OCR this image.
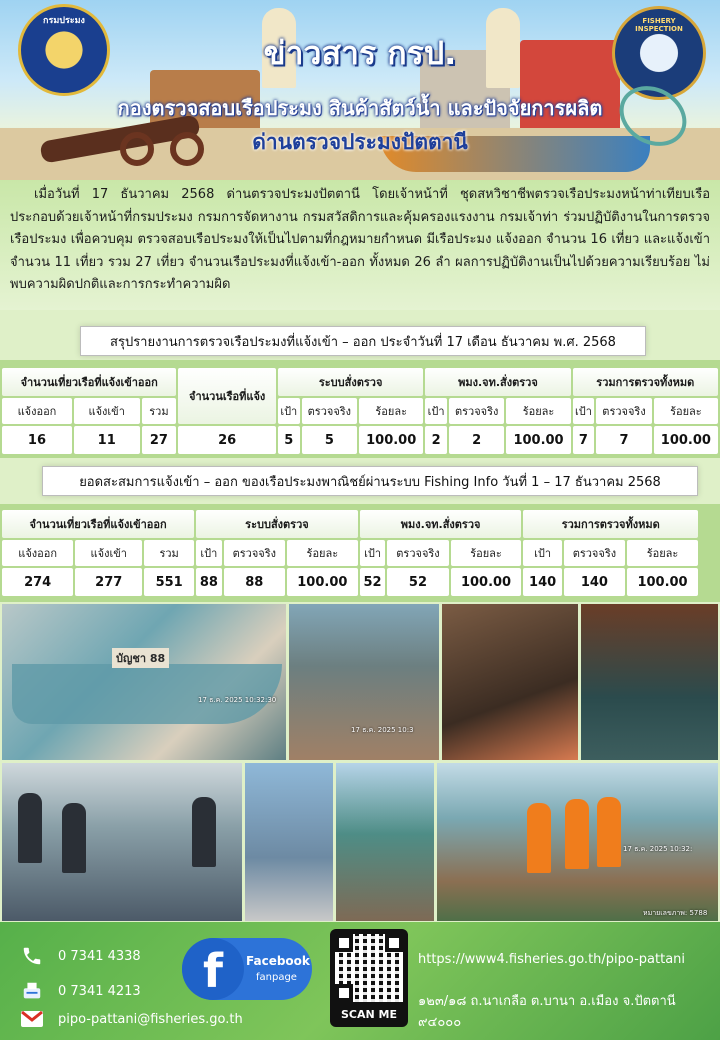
กรมประมง	FISHERY INSPECTION
ข่าวสาร กรป.
กองตรวจสอบเรือประมง สินค้าสัตว์น้ำ และปัจจัยการผลิต
ด่านตรวจประมงปัตตานี

เมื่อวันที่ 17 ธันวาคม 2568 ด่านตรวจประมงปัตตานี โดยเจ้าหน้าที่ ชุดสหวิชาชีพตรวจเรือประมงหน้าท่าเทียบเรือ ประกอบด้วยเจ้าหน้าที่กรมประมง กรมการจัดหางาน กรมสวัสดิการและคุ้มครองแรงงาน กรมเจ้าท่า ร่วมปฏิบัติงานในการตรวจเรือประมง เพื่อควบคุม ตรวจสอบเรือประมงให้เป็นไปตามที่กฎหมายกำหนด มีเรือประมง แจ้งออก จำนวน 16 เที่ยว และแจ้งเข้าจำนวน 11 เที่ยว รวม 27 เที่ยว จำนวนเรือประมงที่แจ้งเข้า-ออก ทั้งหมด 26 ลำ ผลการปฏิบัติงานเป็นไปด้วยความเรียบร้อย ไม่พบความผิดปกติและการกระทำความผิด

สรุปรายงานการตรวจเรือประมงที่แจ้งเข้า – ออก ประจำวันที่ 17 เดือน ธันวาคม พ.ศ. 2568
จำนวนเที่ยวเรือที่แจ้งเข้าออก			จำนวนเรือที่แจ้ง	ระบบสั่งตรวจ			พมง.จท.สั่งตรวจ			รวมการตรวจทั้งหมด		
แจ้งออก	แจ้งเข้า	รวม		เป้า	ตรวจจริง	ร้อยละ	เป้า	ตรวจจริง	ร้อยละ	เป้า	ตรวจจริง	ร้อยละ
16	11	27	26	5	5	100.00	2	2	100.00	7	7	100.00
ยอดสะสมการแจ้งเข้า – ออก ของเรือประมงพาณิชย์ผ่านระบบ Fishing Info วันที่ 1 – 17 ธันวาคม 2568
จำนวนเที่ยวเรือที่แจ้งเข้าออก			ระบบสั่งตรวจ			พมง.จท.สั่งตรวจ			รวมการตรวจทั้งหมด		
แจ้งออก	แจ้งเข้า	รวม	เป้า	ตรวจจริง	ร้อยละ	เป้า	ตรวจจริง	ร้อยละ	เป้า	ตรวจจริง	ร้อยละ
274	277	551	88	88	100.00	52	52	100.00	140	140	100.00
บัญชา 88
17 ธ.ค. 2025 10:32:30
17 ธ.ค. 2025 10:3
17 ธ.ค. 2025 10:32:
หมายเลขภาพ: 5788
0 7341 4338
0 7341 4213
pipo-pattani@fisheries.go.th
f	Facebook
fanpage
SCAN ME
https://www4.fisheries.go.th/pipo-pattani
๑๒๓/๑๘ ถ.นาเกลือ ต.บานา อ.เมือง จ.ปัตตานี ๙๔๐๐๐
